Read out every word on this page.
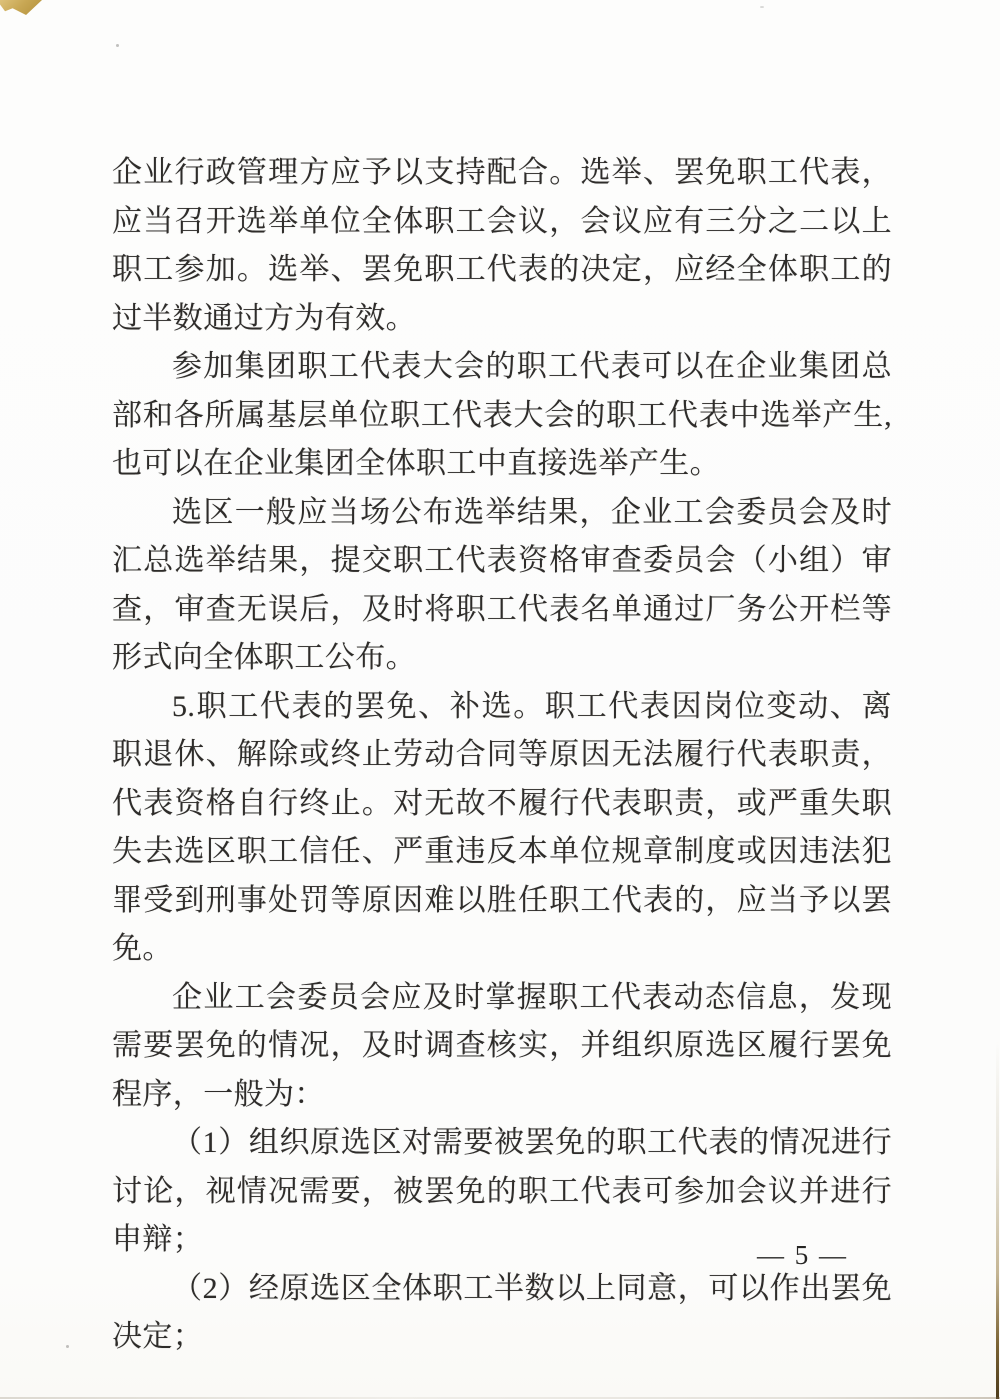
企业行政管理方应予以支持配合。选举、罢免职工代表，应当召开选举单位全体职工会议，会议应有三分之二以上职工参加。选举、罢免职工代表的决定，应经全体职工的过半数通过方为有效。

参加集团职工代表大会的职工代表可以在企业集团总部和各所属基层单位职工代表大会的职工代表中选举产生,也可以在企业集团全体职工中直接选举产生。

选区一般应当场公布选举结果，企业工会委员会及时汇总选举结果，提交职工代表资格审查委员会（小组）审查，审查无误后，及时将职工代表名单通过厂务公开栏等形式向全体职工公布。

5.职工代表的罢免、补选。职工代表因岗位变动、离职退休、解除或终止劳动合同等原因无法履行代表职责，代表资格自行终止。对无故不履行代表职责，或严重失职失去选区职工信任、严重违反本单位规章制度或因违法犯罪受到刑事处罚等原因难以胜任职工代表的，应当予以罢免。

企业工会委员会应及时掌握职工代表动态信息，发现需要罢免的情况，及时调查核实，并组织原选区履行罢免程序，一般为：

（1）组织原选区对需要被罢免的职工代表的情况进行讨论，视情况需要，被罢免的职工代表可参加会议并进行申辩；

（2）经原选区全体职工半数以上同意，可以作出罢免决定；

— 5 —
